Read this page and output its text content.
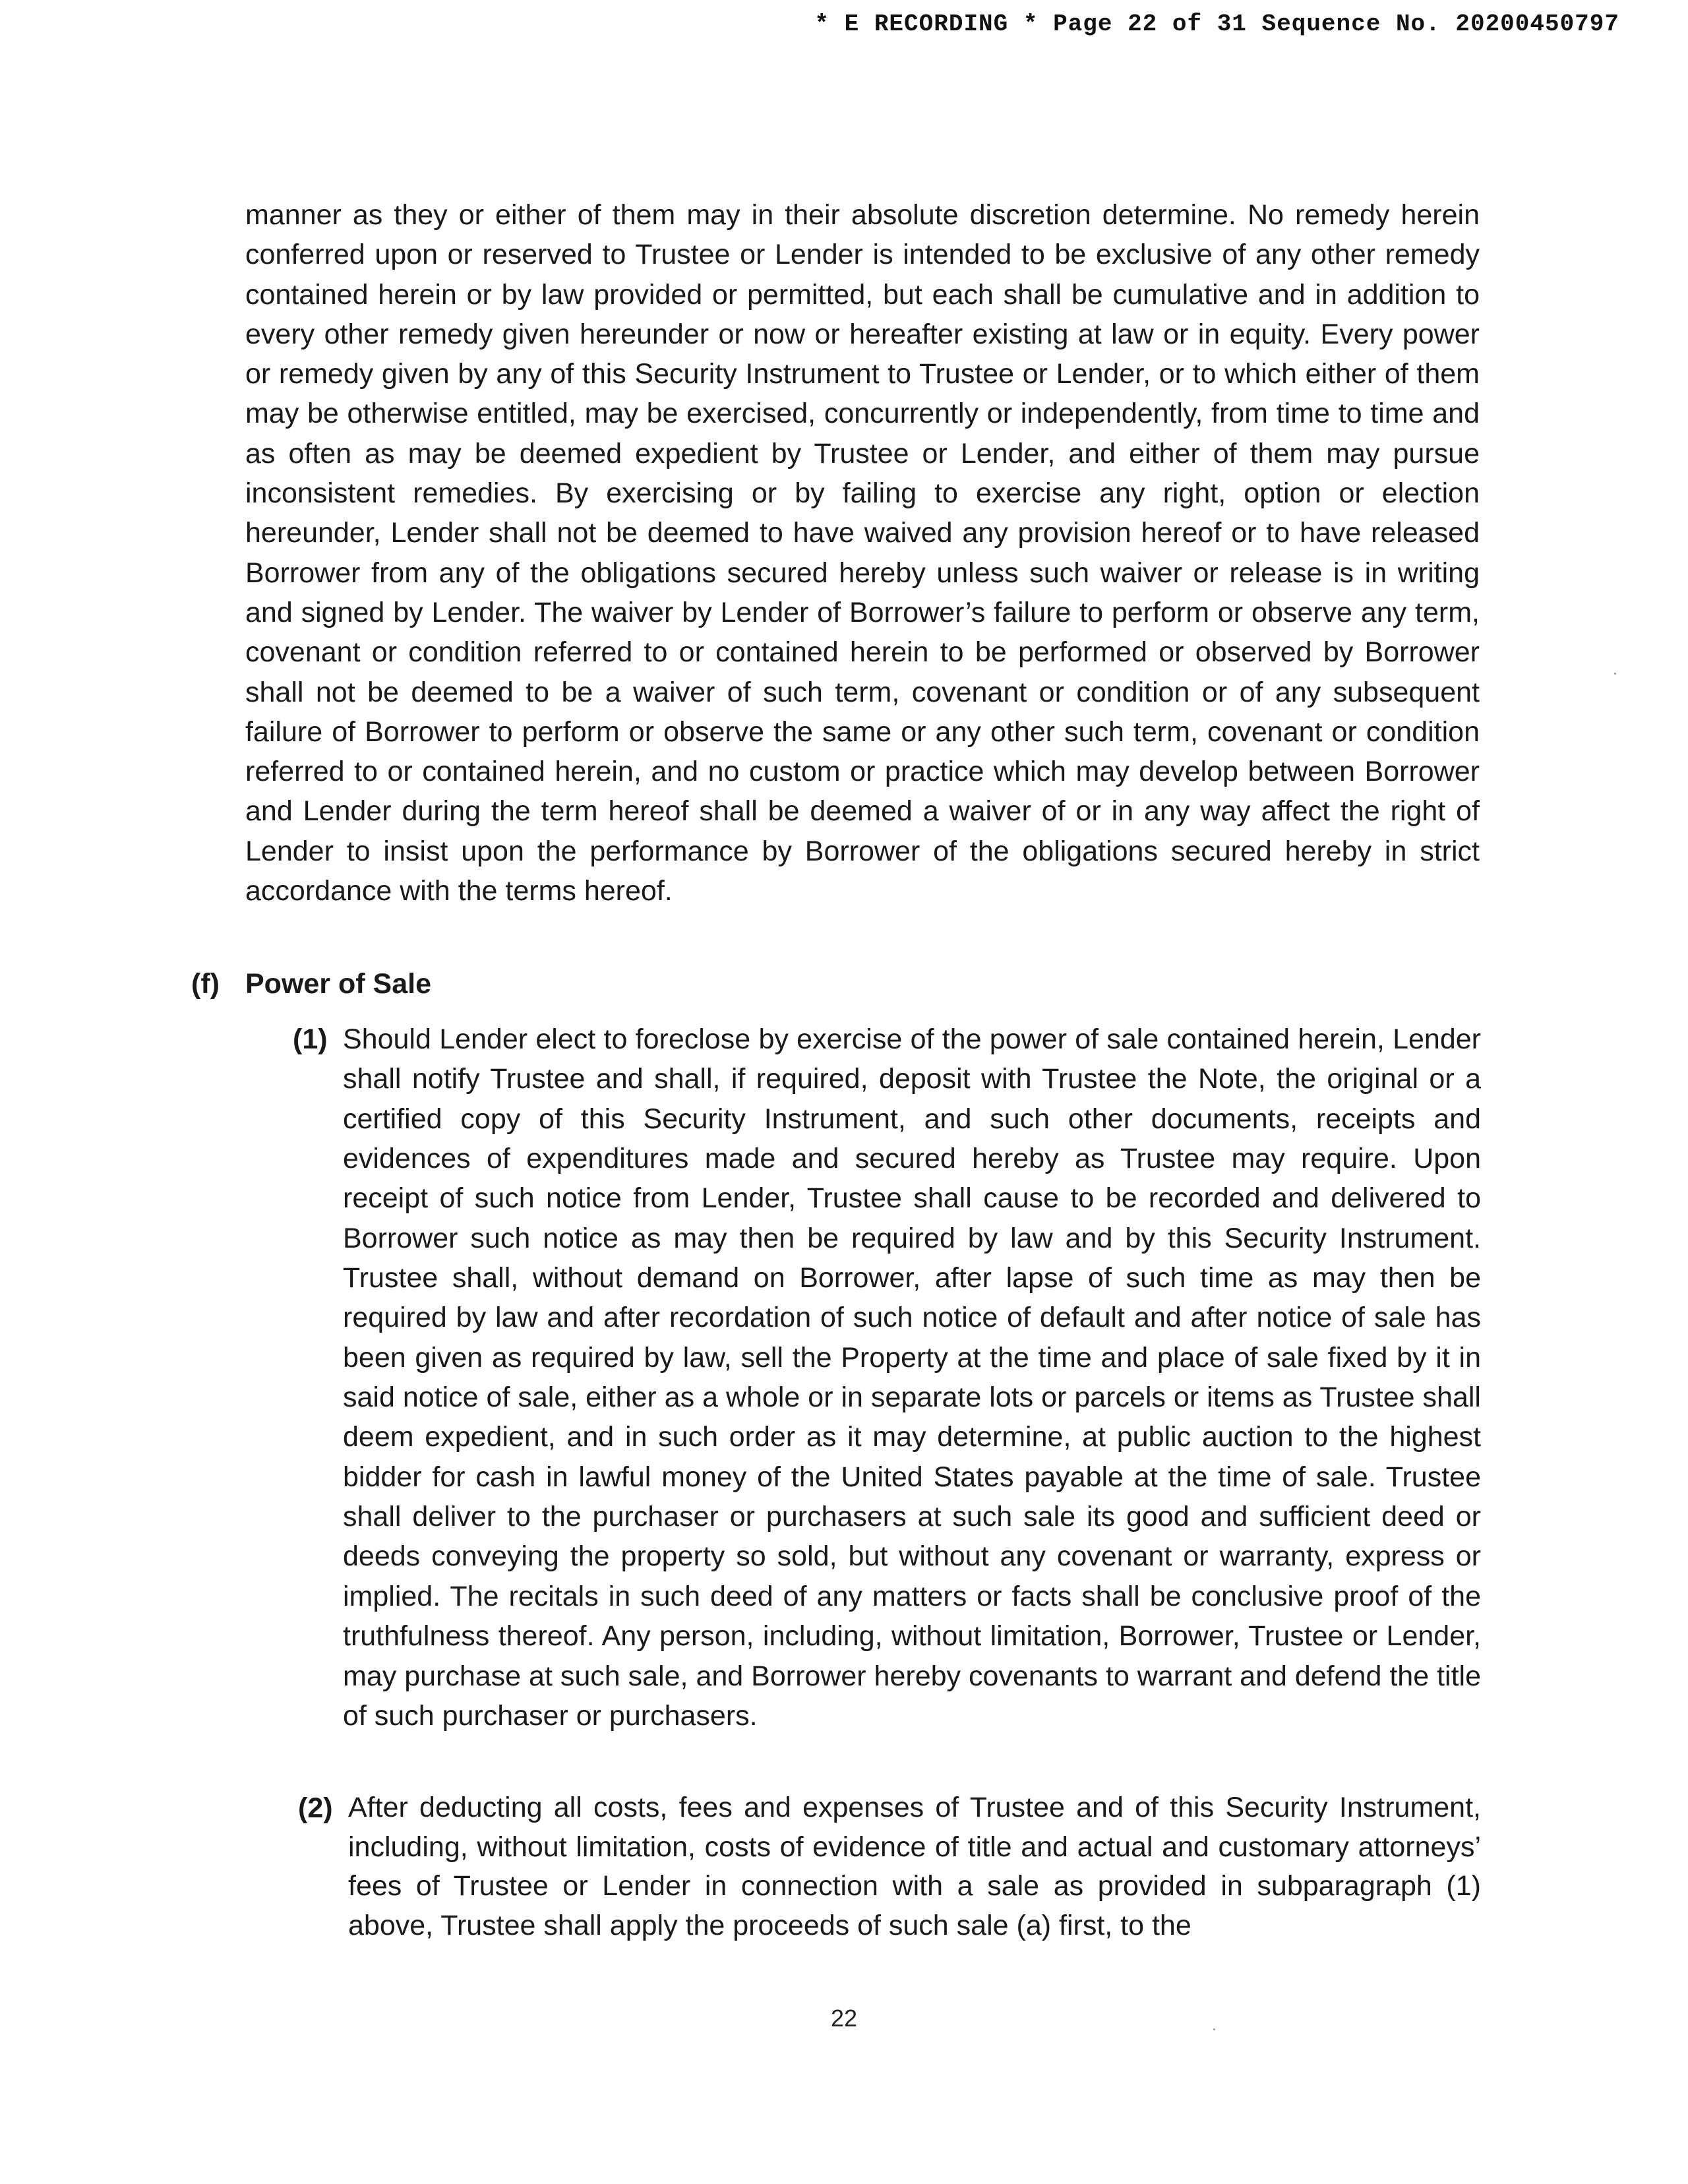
* E RECORDING * Page 22 of 31 Sequence No. 20200450797

manner as they or either of them may in their absolute discretion determine. No remedy herein conferred upon or reserved to Trustee or Lender is intended to be exclusive of any other remedy contained herein or by law provided or permitted, but each shall be cumulative and in addition to every other remedy given hereunder or now or hereafter existing at law or in equity. Every power or remedy given by any of this Security Instrument to Trustee or Lender, or to which either of them may be otherwise entitled, may be exercised, concurrently or independently, from time to time and as often as may be deemed expedient by Trustee or Lender, and either of them may pursue inconsistent remedies. By exercising or by failing to exercise any right, option or election hereunder, Lender shall not be deemed to have waived any provision hereof or to have released Borrower from any of the obligations secured hereby unless such waiver or release is in writing and signed by Lender. The waiver by Lender of Borrower’s failure to perform or observe any term, covenant or condition referred to or contained herein to be performed or observed by Borrower shall not be deemed to be a waiver of such term, covenant or condition or of any subsequent failure of Borrower to perform or observe the same or any other such term, covenant or condition referred to or contained herein, and no custom or practice which may develop between Borrower and Lender during the term hereof shall be deemed a waiver of or in any way affect the right of Lender to insist upon the performance by Borrower of the obligations secured hereby in strict accordance with the terms hereof.

(f) Power of Sale
(1) Should Lender elect to foreclose by exercise of the power of sale contained herein, Lender shall notify Trustee and shall, if required, deposit with Trustee the Note, the original or a certified copy of this Security Instrument, and such other documents, receipts and evidences of expenditures made and secured hereby as Trustee may require. Upon receipt of such notice from Lender, Trustee shall cause to be recorded and delivered to Borrower such notice as may then be required by law and by this Security Instrument. Trustee shall, without demand on Borrower, after lapse of such time as may then be required by law and after recordation of such notice of default and after notice of sale has been given as required by law, sell the Property at the time and place of sale fixed by it in said notice of sale, either as a whole or in separate lots or parcels or items as Trustee shall deem expedient, and in such order as it may determine, at public auction to the highest bidder for cash in lawful money of the United States payable at the time of sale. Trustee shall deliver to the purchaser or purchasers at such sale its good and sufficient deed or deeds conveying the property so sold, but without any covenant or warranty, express or implied. The recitals in such deed of any matters or facts shall be conclusive proof of the truthfulness thereof. Any person, including, without limitation, Borrower, Trustee or Lender, may purchase at such sale, and Borrower hereby covenants to warrant and defend the title of such purchaser or purchasers.

(2) After deducting all costs, fees and expenses of Trustee and of this Security Instrument, including, without limitation, costs of evidence of title and actual and customary attorneys’ fees of Trustee or Lender in connection with a sale as provided in subparagraph (1) above, Trustee shall apply the proceeds of such sale (a) first, to the

22
